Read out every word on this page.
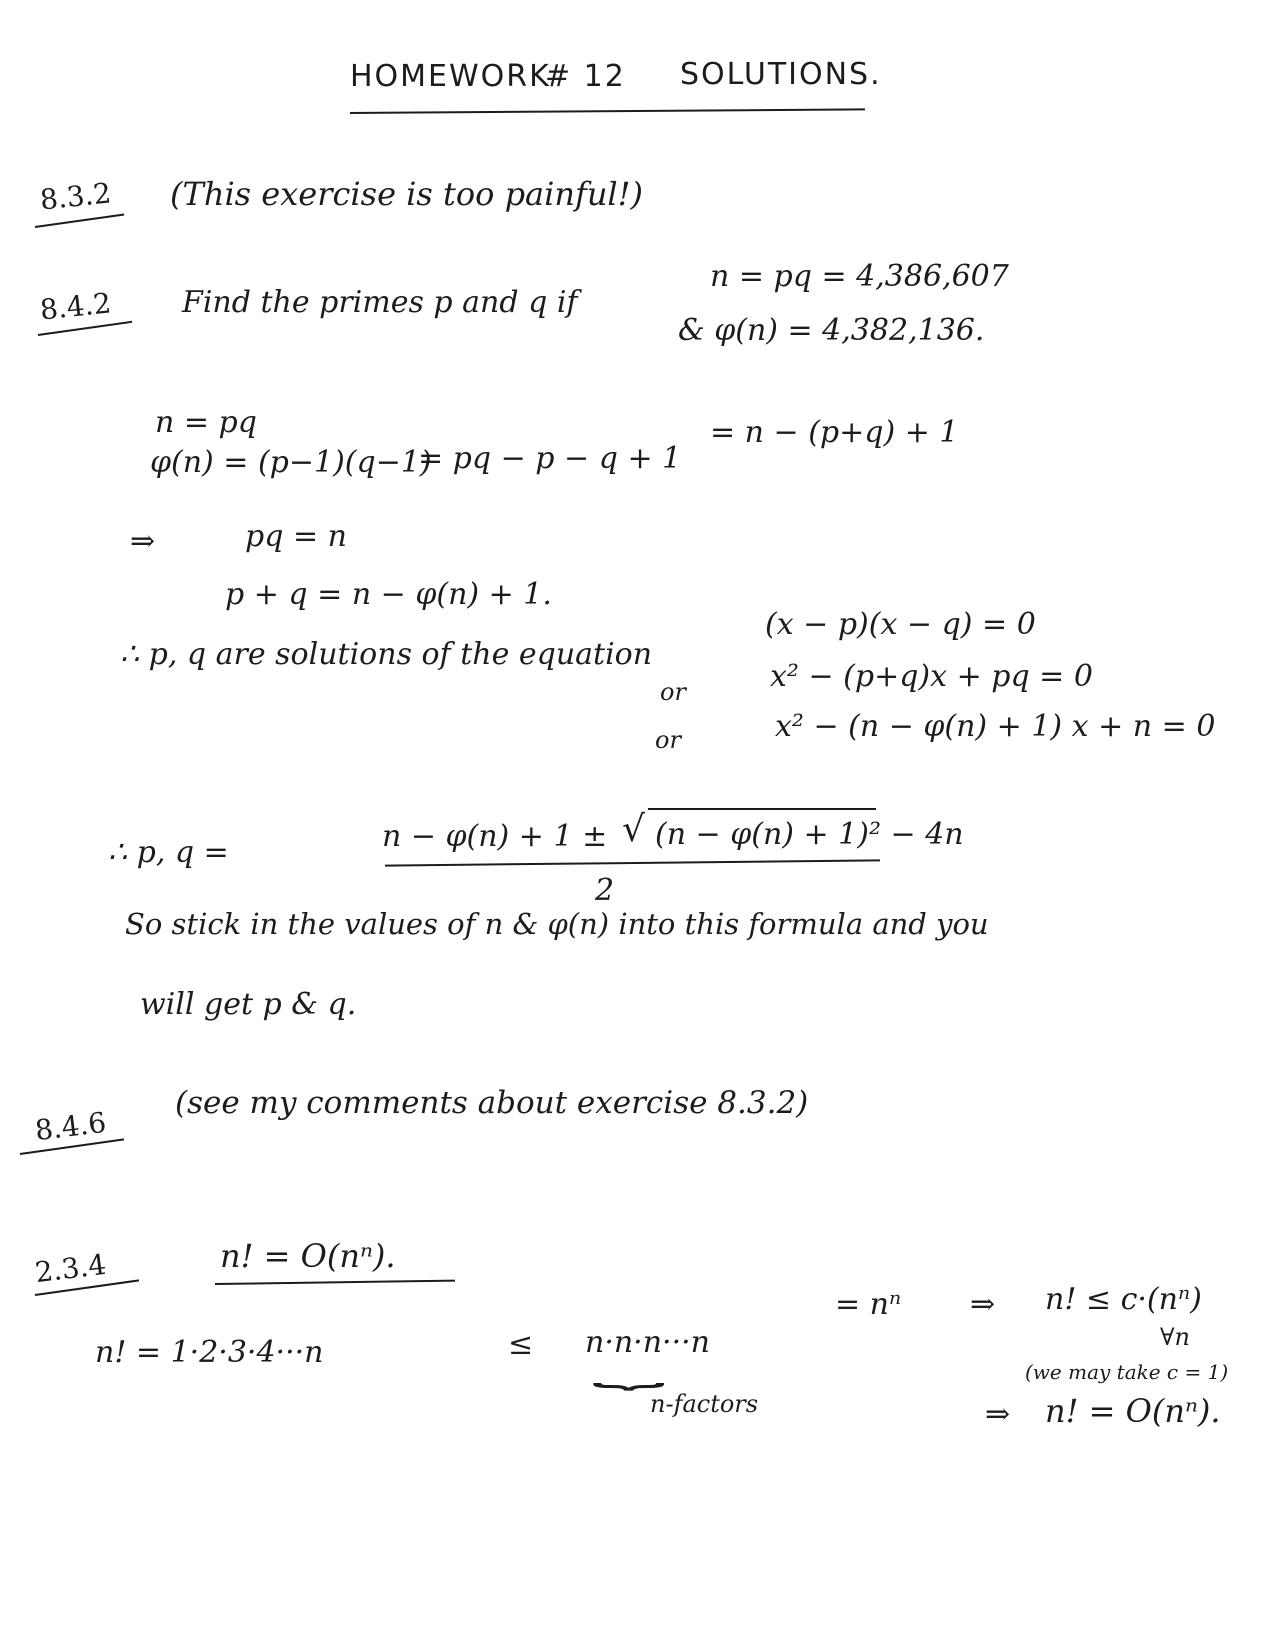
HOMEWORK
# 12 SOLUTIONS.
8.3.2 (This exercise is too painful!)
8.4.2 Find the primes p and q if
n = pq = 4,386,607
& φ(n) = 4,382,136.
n = pq
φ(n) = (p−1)(q−1)
= pq − p − q + 1
= n − (p+q) + 1
⇒	pq = n
p + q = n − φ(n) + 1.
∴ p, q are solutions of the equation
(x − p)(x − q) = 0
or	x² − (p+q)x + pq = 0
or	x² − (n − φ(n) + 1) x + n = 0
∴ p, q =	n − φ(n) + 1 ± √ (n − φ(n) + 1)² − 4n
2
So stick in the values of n & φ(n) into this formula and you
will get p & q.
8.4.6
(see my comments about exercise 8.3.2)
2.3.4	n! = O(nⁿ).
n! = 1·2·3·4···n	≤ n·n·n···n
⏟
n-factors
= nⁿ ⇒ n! ≤ c·(nⁿ)
∀n
(we may take c = 1)
⇒ n! = O(nⁿ).
